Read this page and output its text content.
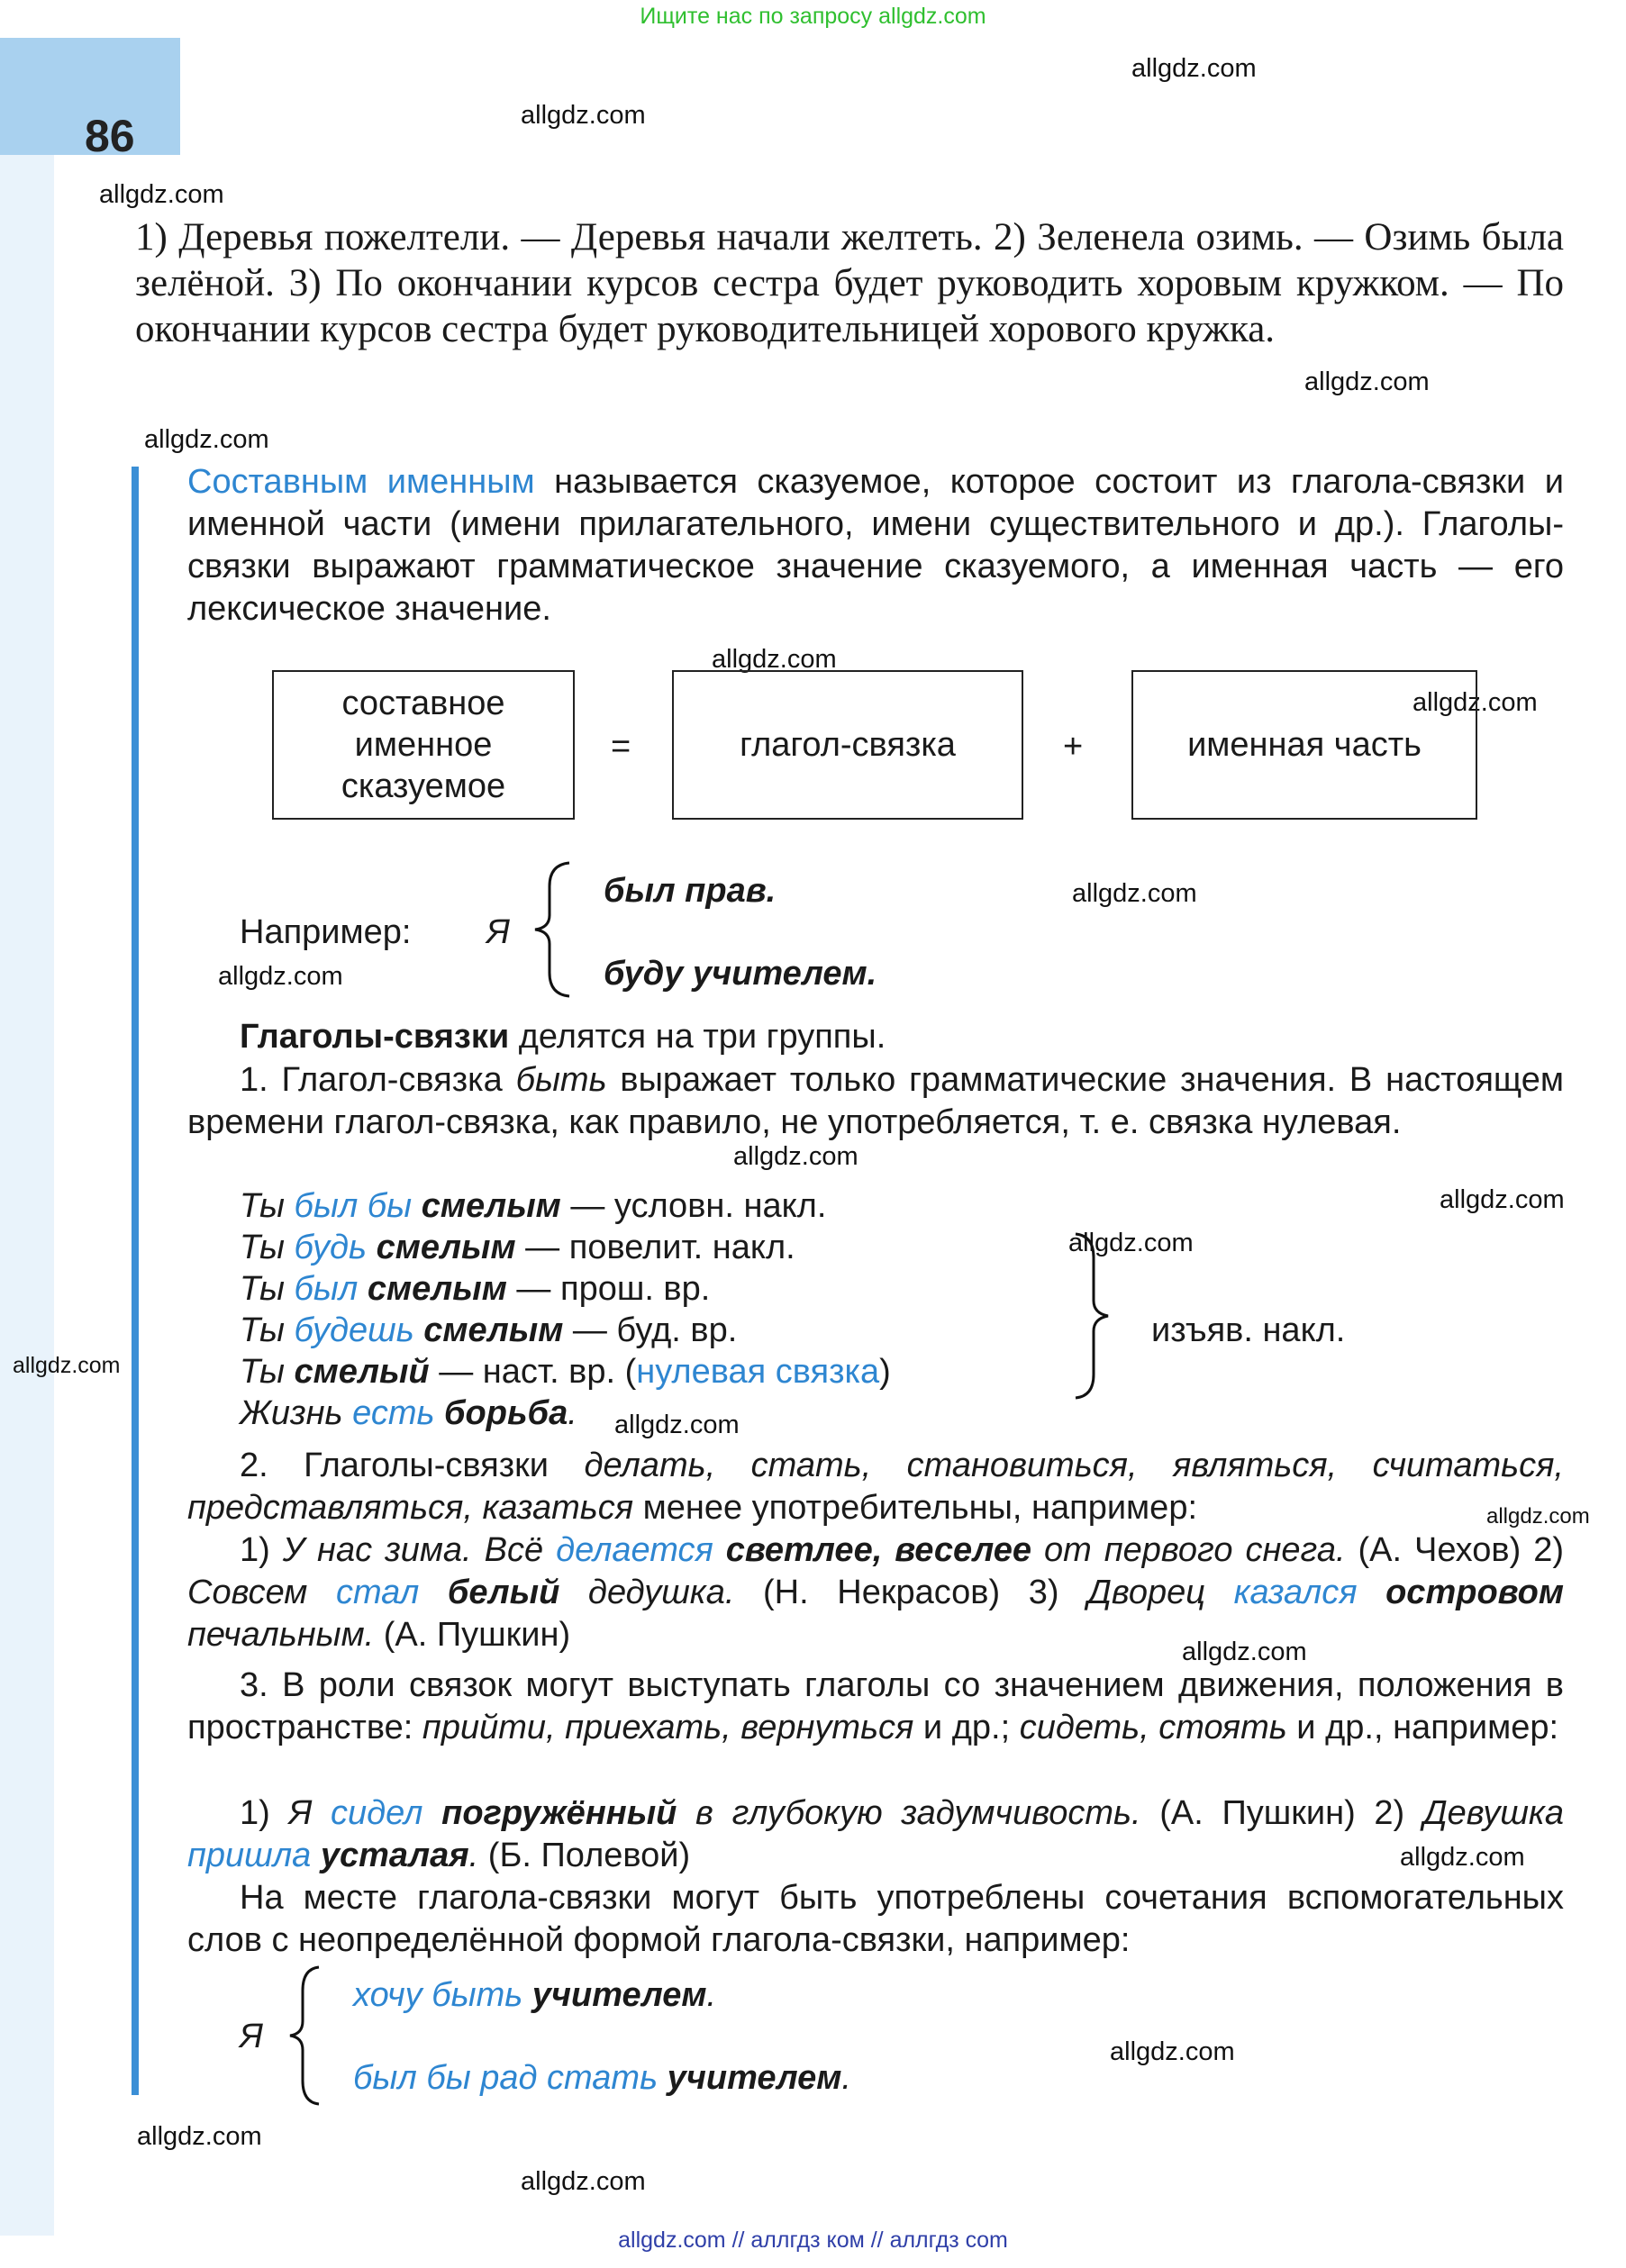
Ищите нас по запросу allgdz.com
86
allgdz.com
allgdz.com
allgdz.com
allgdz.com
allgdz.com
allgdz.com
allgdz.com
allgdz.com
allgdz.com
allgdz.com
allgdz.com
allgdz.com
allgdz.com
allgdz.com
allgdz.com
allgdz.com
allgdz.com
allgdz.com
allgdz.com
allgdz.com
1) Деревья пожелтели. — Деревья начали желтеть. 2) Зеленела озимь. — Озимь была зелёной. 3) По окончании курсов сестра будет руководить хоровым кружком. — По окончании курсов сестра будет руководительницей хорового кружка.
Составным именным называется сказуемое, которое состоит из глагола-связки и именной части (имени прилагательного, имени существительного и др.). Глаголы-связки выражают грамматическое значение сказуемого, а именная часть — его лексическое значение.
составное именное сказуемое
=	глагол-связка	+	именная часть
Например: Я
был прав.
буду учителем.
Глаголы-связки делятся на три группы.
1. Глагол-связка быть выражает только грамматические значения. В настоящем времени глагол-связка, как правило, не употребляется, т. е. связка нулевая.
Ты был бы смелым — условн. накл.
Ты будь смелым — повелит. накл.
Ты был смелым — прош. вр.
Ты будешь смелым — буд. вр.
Ты смелый — наст. вр. (нулевая связка)
Жизнь есть борьба.
изъяв. накл.
2. Глаголы-связки делать, стать, становиться, являться, считаться, представляться, казаться менее употребительны, например:
1) У нас зима. Всё делается светлее, веселее от первого снега. (А. Чехов) 2) Совсем стал белый дедушка. (Н. Некрасов) 3) Дворец казался островом печальным. (А. Пушкин)
3. В роли связок могут выступать глаголы со значением движения, положения в пространстве: прийти, приехать, вернуться и др.; сидеть, стоять и др., например:
1) Я сидел погружённый в глубокую задумчивость. (А. Пушкин) 2) Девушка пришла усталая. (Б. Полевой)
На месте глагола-связки могут быть употреблены сочетания вспомогательных слов с неопределённой формой глагола-связки, например:
Я
хочу быть учителем.
был бы рад стать учителем.
allgdz.com // аллгдз ком // аллгдз com
